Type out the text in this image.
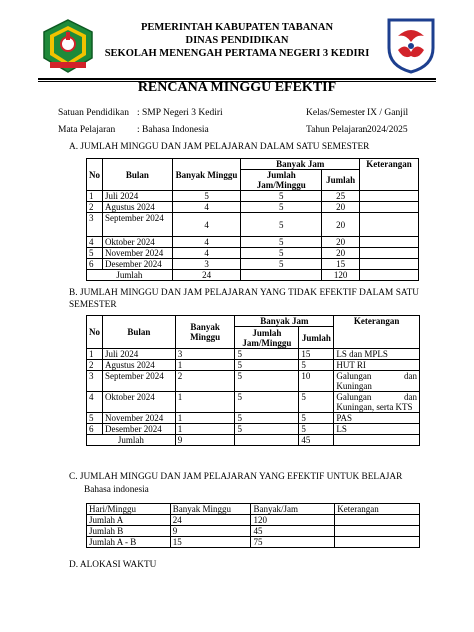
PEMERINTAH KABUPATEN TABANAN
DINAS PENDIDIKAN
SEKOLAH MENENGAH PERTAMA NEGERI 3 KEDIRI
RENCANA MINGGU EFEKTIF
Satuan Pendidikan : SMP Negeri 3 Kediri	Kelas/Semester
: IX / Ganjil
Mata Pelajaran : Bahasa Indonesia	Tahun Pelajaran
: 2024/2025
A. JUMLAH MINGGU DAN JAM PELAJARAN DALAM SATU SEMESTER
No	Bulan	Banyak Minggu	Banyak Jam		Keterangan
			Jumlah Jam/Minggu	Jumlah	
1	Juli 2024	5	5	25	
2	Agustus 2024	4	5	20	
3	September 2024	4	5	20	
4	Oktober 2024	4	5	20	
5	November 2024	4	5	20	
6	Desember 2024	3	5	15	
Jumlah		24		120	
B. JUMLAH MINGGU DAN JAM PELAJARAN YANG TIDAK EFEKTIF DALAM SATU SEMESTER
No	Bulan	Banyak Minggu	Banyak Jam		Keterangan
			Jumlah Jam/Minggu	Jumlah	
1	Juli 2024	3	5	15	LS dan MPLS
2	Agustus 2024	1	5	5	HUT RI
3	September 2024	2	5	10	Galungan dan Kuningan
4	Oktober 2024	1	5	5	Galungan dan Kuningan, serta KTS
5	November 2024	1	5	5	PAS
6	Desember 2024	1	5	5	LS
Jumlah		9		45	
C. JUMLAH MINGGU DAN JAM PELAJARAN YANG EFEKTIF UNTUK BELAJAR
Bahasa indonesia
Hari/Minggu	Banyak Minggu	Banyak/Jam	Keterangan
Jumlah A	24	120	
Jumlah B	9	45	
Jumlah A - B	15	75	
D. ALOKASI WAKTU
